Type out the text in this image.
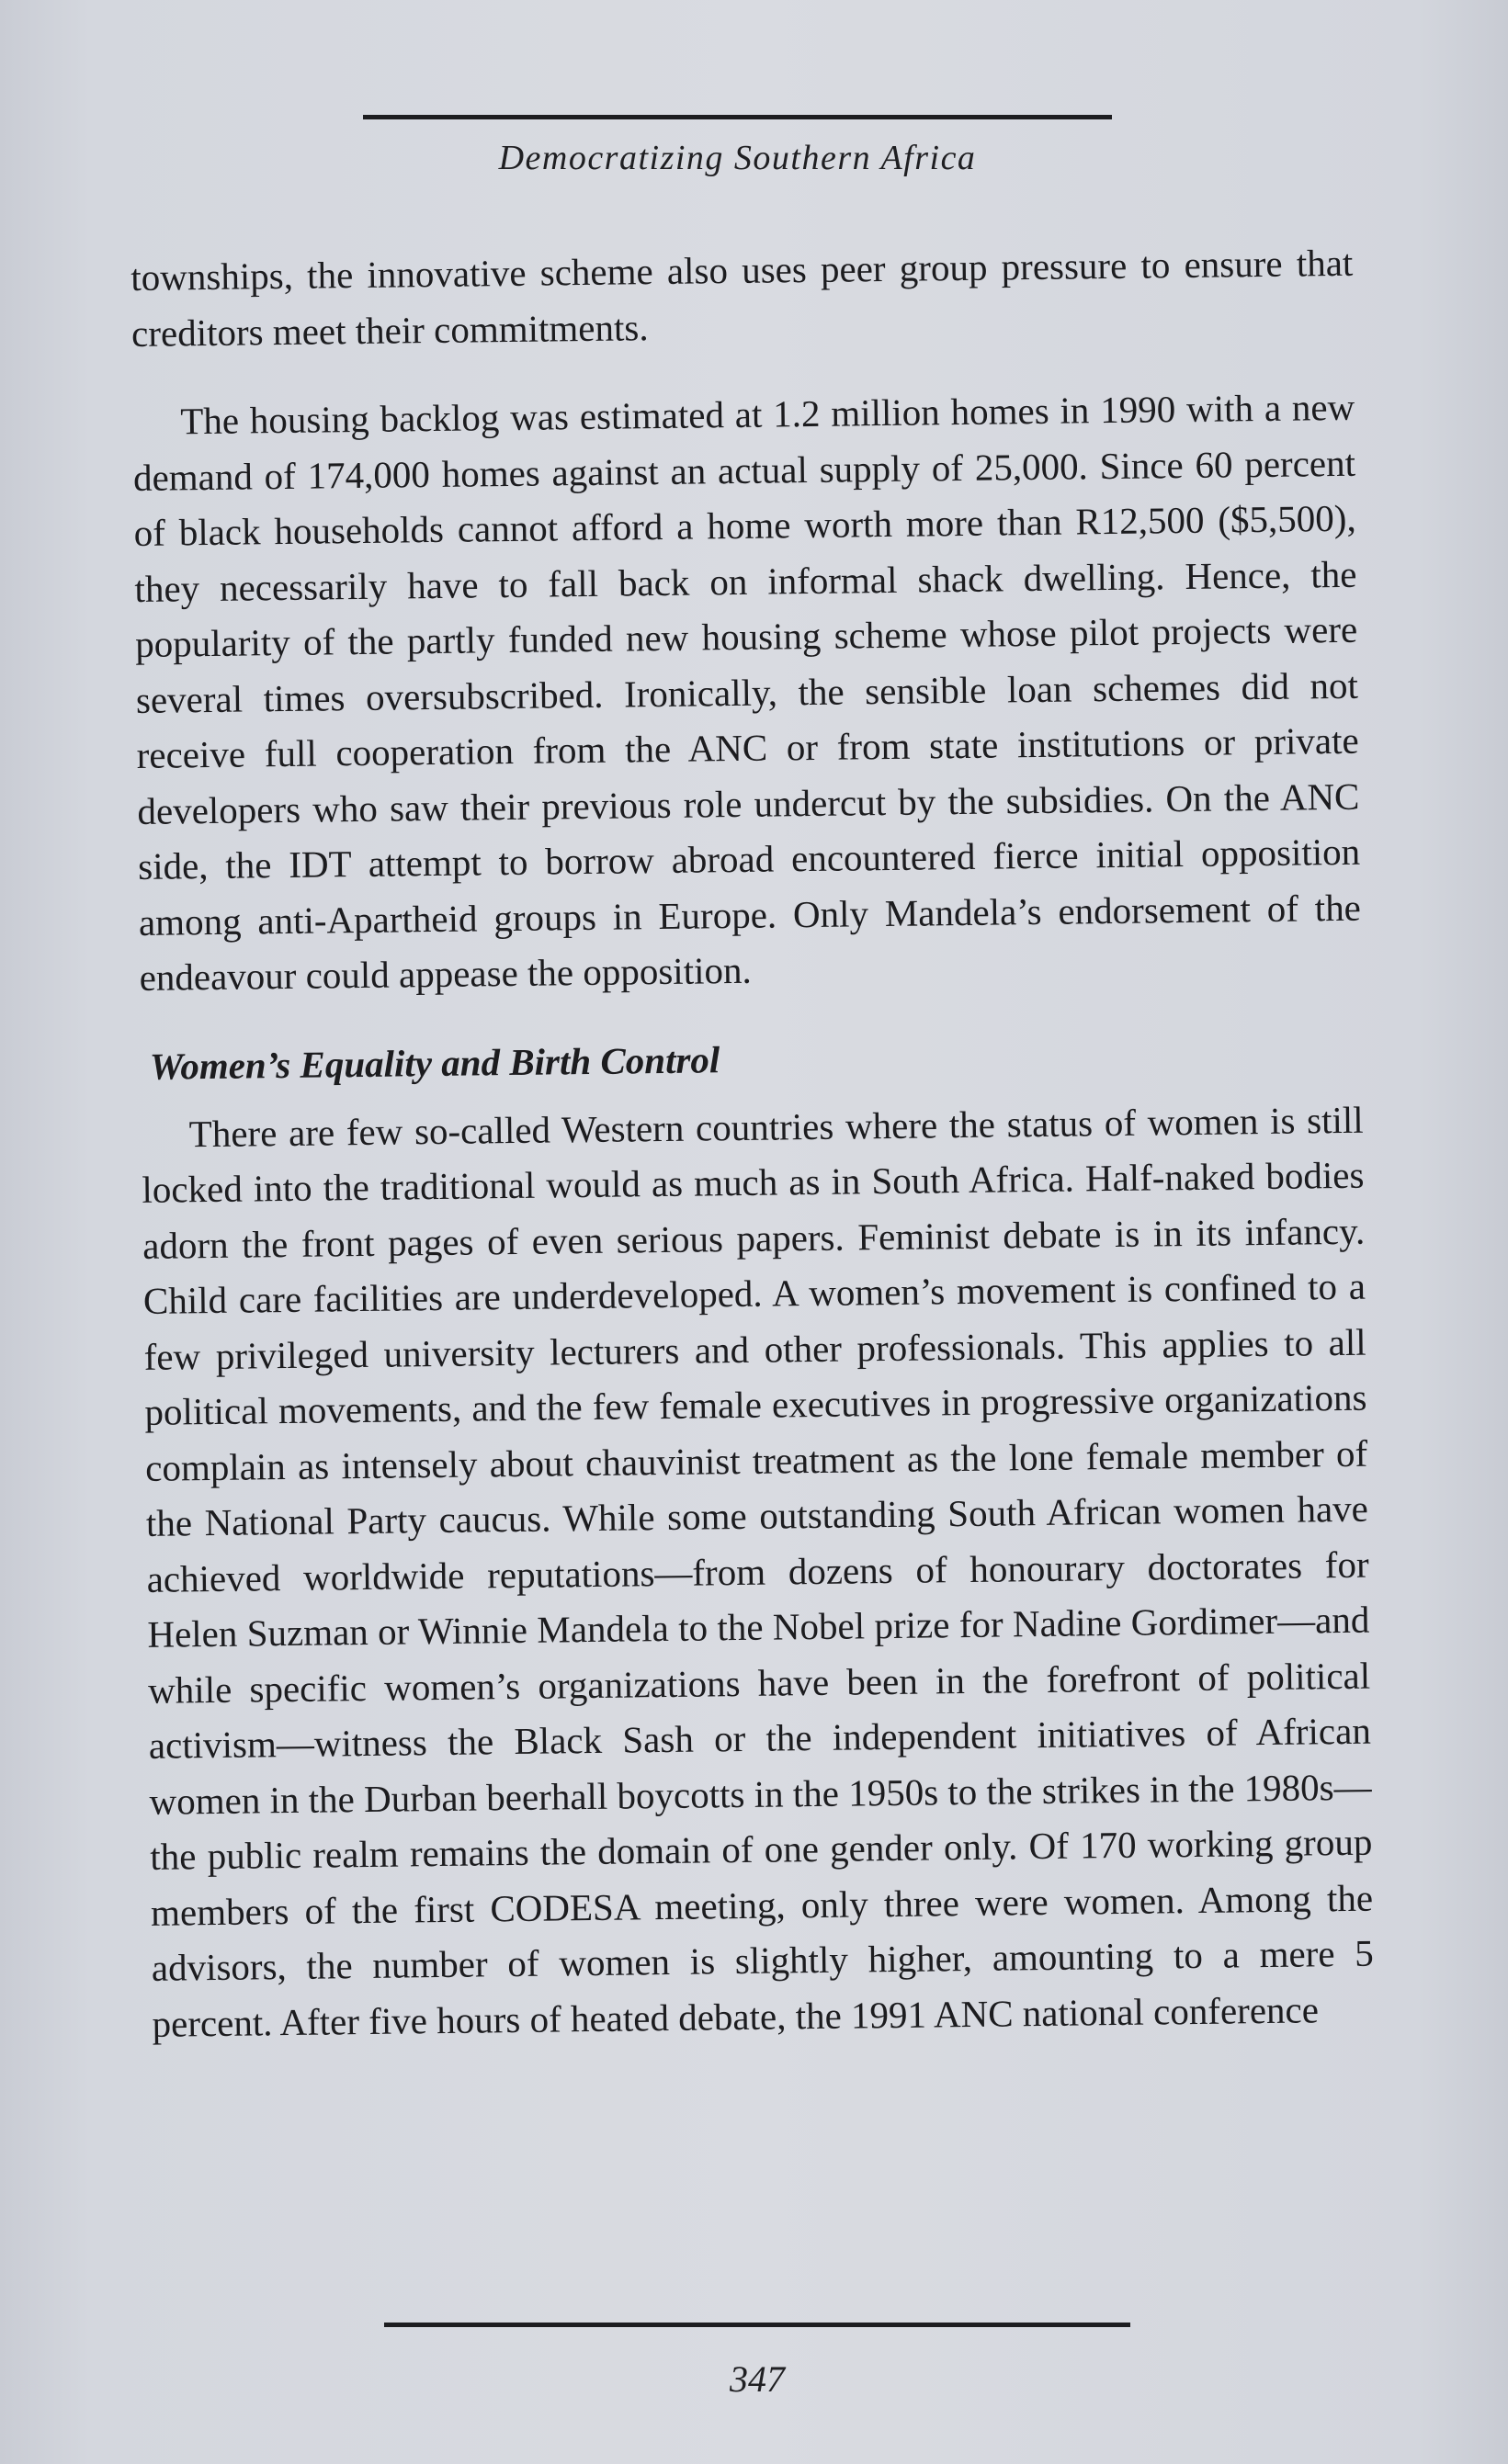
Democratizing Southern Africa

townships, the innovative scheme also uses peer group pressure to ensure that creditors meet their commitments.

The housing backlog was estimated at 1.2 million homes in 1990 with a new demand of 174,000 homes against an actual supply of 25,000. Since 60 percent of black households cannot afford a home worth more than R12,500 ($5,500), they necessarily have to fall back on informal shack dwelling. Hence, the popularity of the partly funded new housing scheme whose pilot projects were several times oversubscribed. Ironically, the sensible loan schemes did not receive full cooperation from the ANC or from state institutions or private developers who saw their previous role undercut by the subsidies. On the ANC side, the IDT attempt to borrow abroad encountered fierce initial opposition among anti-Apartheid groups in Europe. Only Mandela’s endorsement of the endeavour could appease the opposition.

Women’s Equality and Birth Control

There are few so-called Western countries where the status of women is still locked into the traditional would as much as in South Africa. Half-naked bodies adorn the front pages of even serious papers. Feminist debate is in its infancy. Child care facilities are underdeveloped. A women’s movement is confined to a few privileged university lecturers and other professionals. This applies to all political movements, and the few female executives in progressive organizations complain as intensely about chauvinist treatment as the lone female member of the National Party caucus. While some outstanding South African women have achieved worldwide reputations—from dozens of honourary doctorates for Helen Suzman or Winnie Mandela to the Nobel prize for Nadine Gordimer—and while specific women’s organizations have been in the forefront of political activism—witness the Black Sash or the independent initiatives of African women in the Durban beerhall boycotts in the 1950s to the strikes in the 1980s—the public realm remains the domain of one gender only. Of 170 working group members of the first CODESA meeting, only three were women. Among the advisors, the number of women is slightly higher, amounting to a mere 5 percent. After five hours of heated debate, the 1991 ANC national conference

347
